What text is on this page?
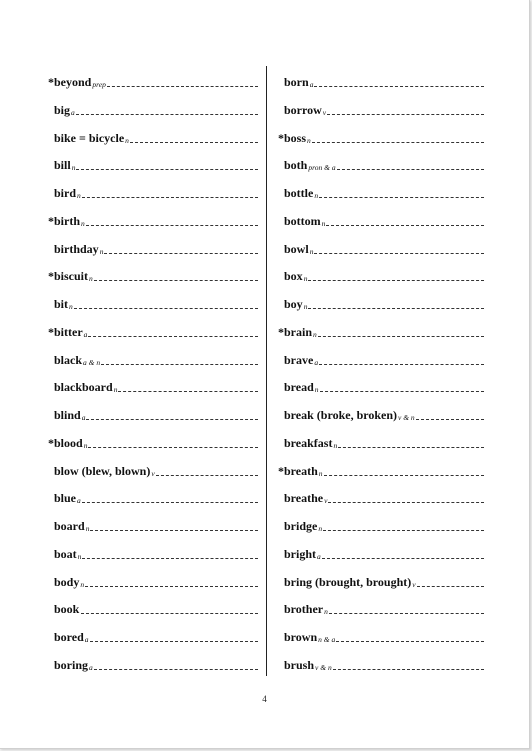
* beyond prep
big a
bike = bicycle n
bill n
bird n
* birth n
birthday n
* biscuit n
bit n
* bitter a
black a & n
blackboard n
blind a
* blood n
blow (blew, blown) v
blue a
board n
boat n
body n
book
bored a
boring a
born a
borrow v
* boss n
both pron & a
bottle n
bottom n
bowl n
box n
boy n
* brain n
brave a
bread n
break (broke, broken) v & n
breakfast n
* breath n
breathe v
bridge n
bright a
bring (brought, brought) v
brother n
brown n & a
brush v & n
4
